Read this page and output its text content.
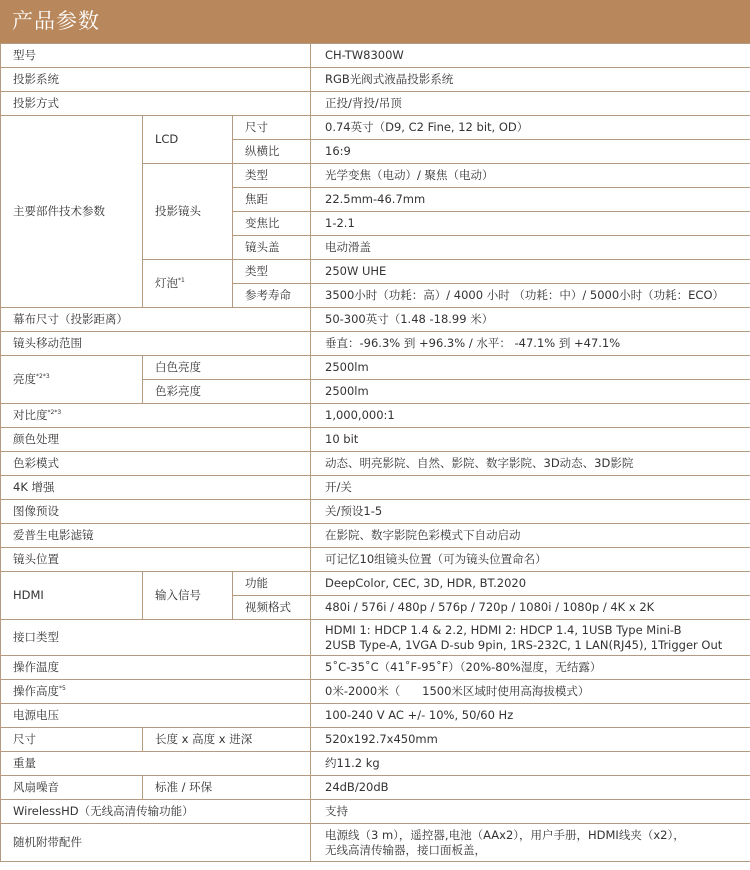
产品参数
型号			CH-TW8300W
投影系统			RGB光阀式液晶投影系统
投影方式			正投/背投/吊顶
主要部件技术参数	LCD	尺寸	0.74英寸（D9, C2 Fine, 12 bit, OD）
		纵横比	16:9
	投影镜头	类型	光学变焦（电动）/ 聚焦（电动）
		焦距	22.5mm-46.7mm
		变焦比	1-2.1
		镜头盖	电动滑盖
	灯泡$^{*1}$	类型	250W UHE
		参考寿命	3500小时（功耗：高）/ 4000 小时 （功耗：中）/ 5000小时（功耗：ECO）
幕布尺寸（投影距离）			50-300英寸（1.48 -18.99 米）
镜头移动范围			垂直：-96.3% 到 +96.3% / 水平： -47.1% 到 +47.1%
亮度$^{*2*3}$	白色亮度		2500lm
	色彩亮度		2500lm
对比度$^{*2*3}$			1,000,000:1
颜色处理			10 bit
色彩模式			动态、明亮影院、自然、影院、数字影院、3D动态、3D影院
4K 增强			开/关
图像预设			关/预设1-5
爱普生电影滤镜			在影院、数字影院色彩模式下自动启动
镜头位置			可记忆10组镜头位置（可为镜头位置命名）
HDMI	输入信号	功能	DeepColor, CEC, 3D, HDR, BT.2020
		视频格式	480i / 576i / 480p / 576p / 720p / 1080i / 1080p / 4K x 2K
接口类型			HDMI 1: HDCP 1.4 & 2.2, HDMI 2: HDCP 1.4, 1USB Type Mini-B
2USB Type-A, 1VGA D-sub 9pin, 1RS-232C, 1 LAN(RJ45), 1Trigger Out

操作温度			5˚C-35˚C（41˚F-95˚F）（20%-80%湿度，无结露）
操作高度$^{*5}$			0米-2000米（      1500米区域时使用高海拔模式）
电源电压			100-240 V AC +/- 10%, 50/60 Hz
尺寸	长度 x 高度 x 进深		520x192.7x450mm
重量			约11.2 kg
风扇噪音	标准 / 环保		24dB/20dB
WirelessHD（无线高清传输功能）			支持
随机附带配件			电源线（3 m），遥控器,电池（AAx2），用户手册，HDMI线夹（x2），
无线高清传输器，接口面板盖，
